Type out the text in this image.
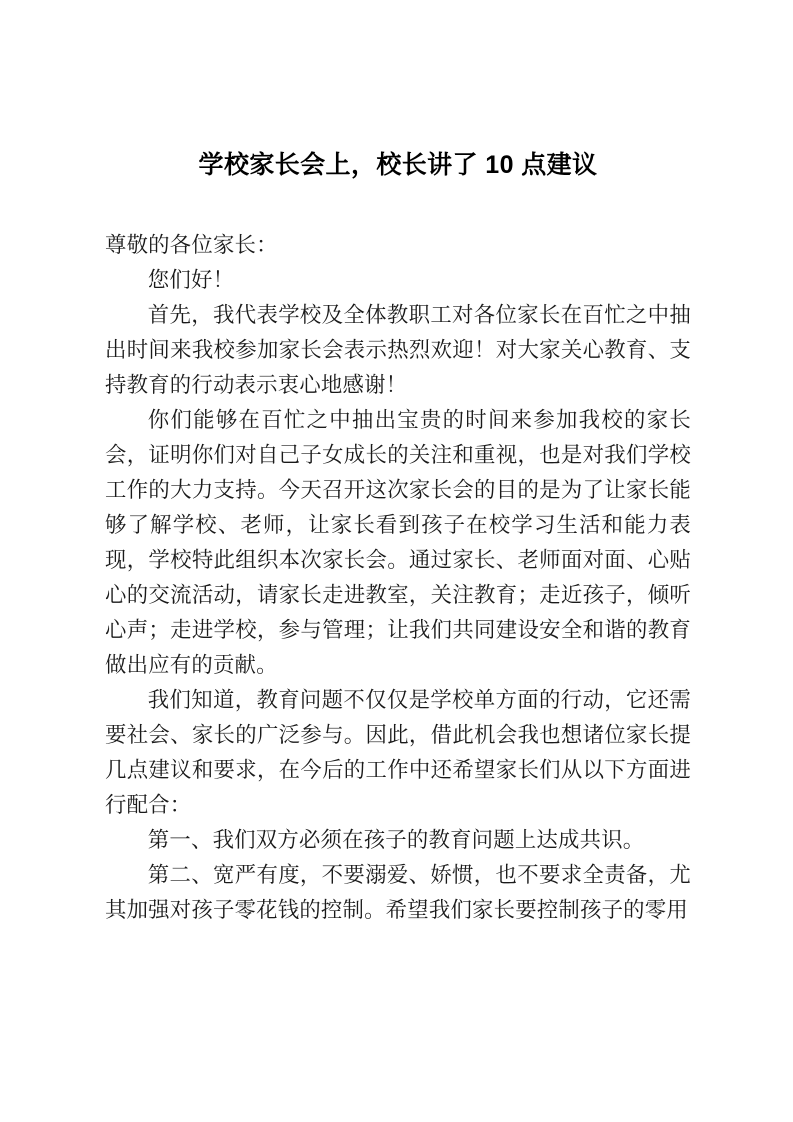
学校家长会上，校长讲了 10 点建议

尊敬的各位家长：

您们好！

首先，我代表学校及全体教职工对各位家长在百忙之中抽出时间来我校参加家长会表示热烈欢迎！对大家关心教育、支持教育的行动表示衷心地感谢！

你们能够在百忙之中抽出宝贵的时间来参加我校的家长会，证明你们对自己子女成长的关注和重视，也是对我们学校工作的大力支持。今天召开这次家长会的目的是为了让家长能够了解学校、老师，让家长看到孩子在校学习生活和能力表现，学校特此组织本次家长会。通过家长、老师面对面、心贴心的交流活动，请家长走进教室，关注教育；走近孩子，倾听心声；走进学校，参与管理；让我们共同建设安全和谐的教育做出应有的贡献。

我们知道，教育问题不仅仅是学校单方面的行动，它还需要社会、家长的广泛参与。因此，借此机会我也想诸位家长提几点建议和要求，在今后的工作中还希望家长们从以下方面进行配合：

第一、我们双方必须在孩子的教育问题上达成共识。

第二、宽严有度，不要溺爱、娇惯，也不要求全责备，尤其加强对孩子零花钱的控制。希望我们家长要控制孩子的零用
